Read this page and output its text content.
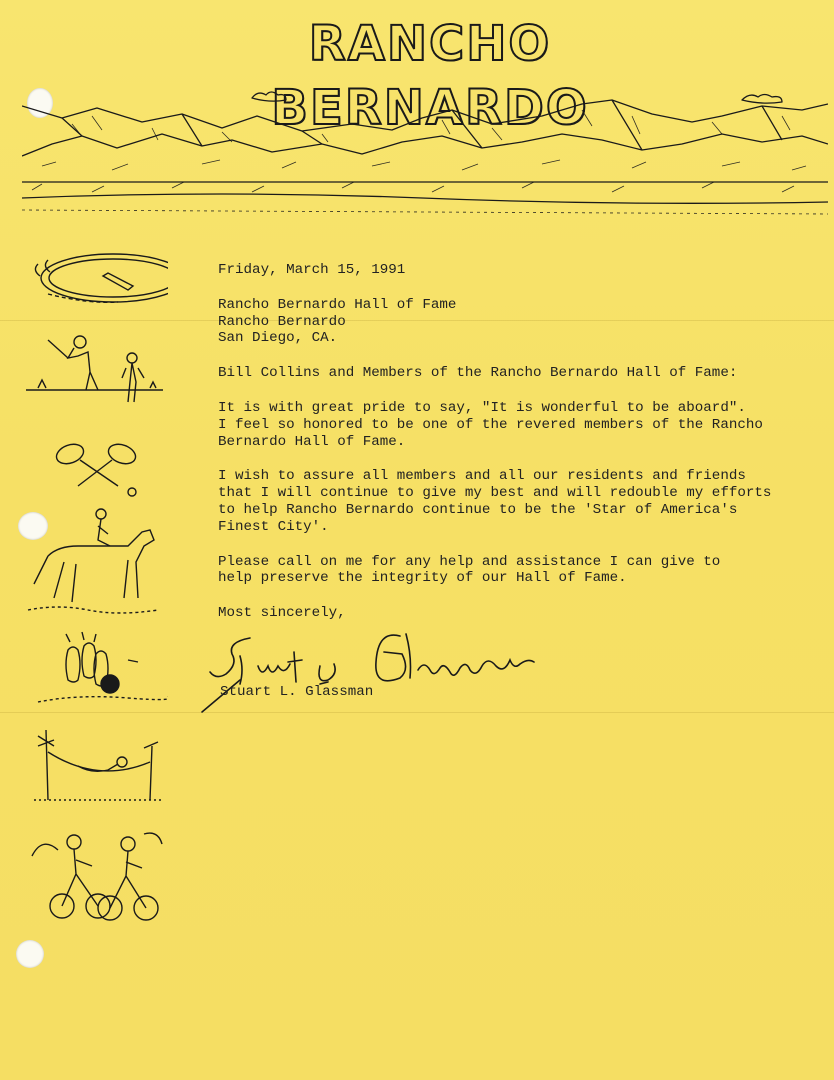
RANCHO BERNARDO

Friday, March 15, 1991

Rancho Bernardo Hall of Fame

Rancho Bernardo

San Diego, CA.

Bill Collins and Members of the Rancho Bernardo Hall of Fame:

It is with great pride to say, "It is wonderful to be aboard".
I feel so honored to be one of the revered members of the Rancho
Bernardo Hall of Fame.

I wish to assure all members and all our residents and friends
that I will continue to give my best and will redouble my efforts
to help Rancho Bernardo continue to be the 'Star of America's
Finest City'.

Please call on me for any help and assistance I can give to
help preserve the integrity of our Hall of Fame.

Most sincerely,

Stuart L. Glassman
